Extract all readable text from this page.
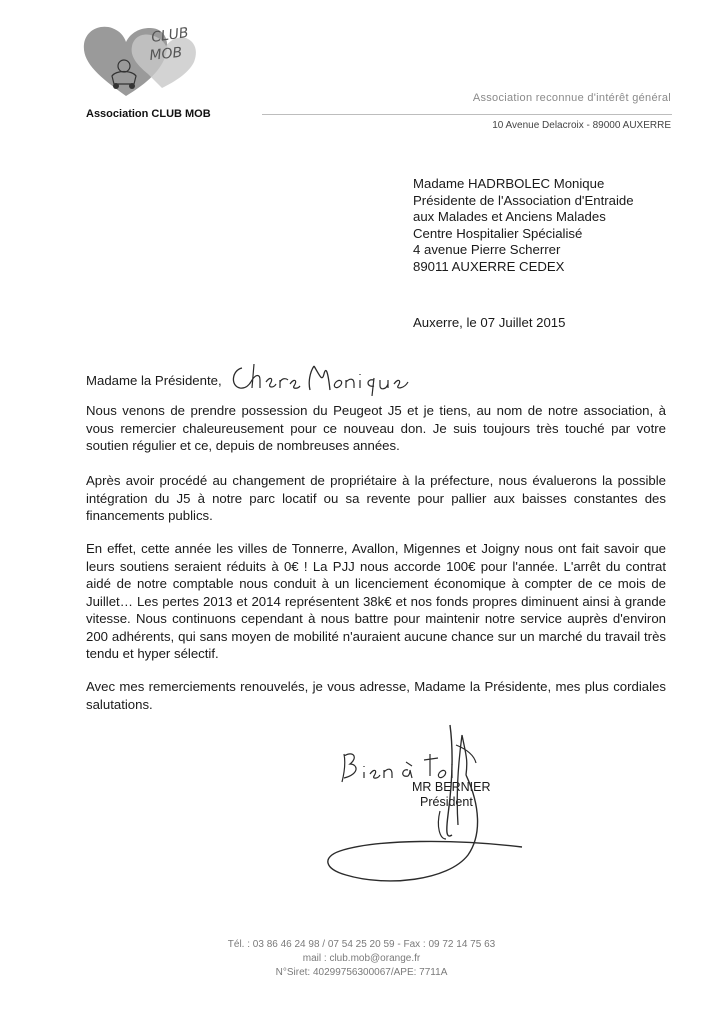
CLUB
MOB
Association CLUB MOB
Association reconnue d'intérêt général
10 Avenue Delacroix - 89000 AUXERRE
Madame HADRBOLEC Monique
Présidente de l'Association d'Entraide
aux Malades et Anciens Malades
Centre Hospitalier Spécialisé
4 avenue Pierre Scherrer
89011 AUXERRE CEDEX
Auxerre, le 07 Juillet 2015
Madame la Présidente,

Nous venons de prendre possession du Peugeot J5 et je tiens, au nom de notre association, à vous remercier chaleureusement pour ce nouveau don. Je suis toujours très touché par votre soutien régulier et ce, depuis de nombreuses années.

Après avoir procédé au changement de propriétaire à la préfecture, nous évaluerons la possible intégration du J5 à notre parc locatif ou sa revente pour pallier aux baisses constantes des financements publics.

En effet, cette année les villes de Tonnerre, Avallon, Migennes et Joigny nous ont fait savoir que leurs soutiens seraient réduits à 0€ ! La PJJ nous accorde 100€ pour l'année. L'arrêt du contrat aidé de notre comptable nous conduit à un licenciement économique à compter de ce mois de Juillet… Les pertes 2013 et 2014 représentent 38k€ et nos fonds propres diminuent ainsi à grande vitesse. Nous continuons cependant à nous battre pour maintenir notre service auprès d'environ 200 adhérents, qui sans moyen de mobilité n'auraient aucune chance sur un marché du travail très tendu et hyper sélectif.

Avec mes remerciements renouvelés, je vous adresse, Madame la Présidente, mes plus cordiales salutations.

MR BERNIER
Président
Tél. : 03 86 46 24 98 / 07 54 25 20 59 - Fax : 09 72 14 75 63
mail : club.mob@orange.fr
N°Siret: 40299756300067/APE: 7711A
